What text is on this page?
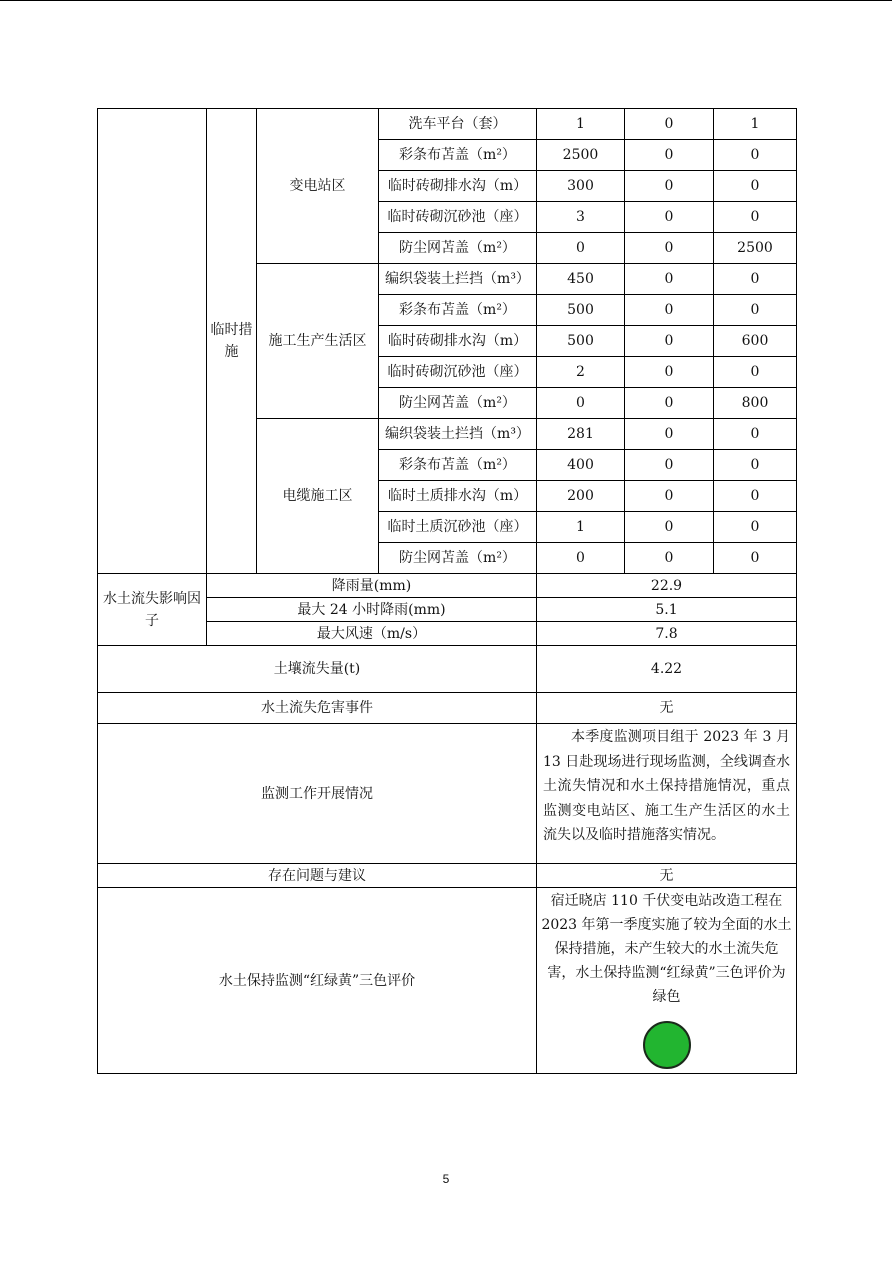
	临时措施	变电站区	洗车平台（套）	1	0	1
			彩条布苫盖（m²）	2500	0	0
			临时砖砌排水沟（m）	300	0	0
			临时砖砌沉砂池（座）	3	0	0
			防尘网苫盖（m²）	0	0	2500
		施工生产生活区	编织袋装土拦挡（m³）	450	0	0
			彩条布苫盖（m²）	500	0	0
			临时砖砌排水沟（m）	500	0	600
			临时砖砌沉砂池（座）	2	0	0
			防尘网苫盖（m²）	0	0	800
		电缆施工区	编织袋装土拦挡（m³）	281	0	0
			彩条布苫盖（m²）	400	0	0
			临时土质排水沟（m）	200	0	0
			临时土质沉砂池（座）	1	0	0
			防尘网苫盖（m²）	0	0	0
水土流失影响因子	降雨量(mm)			22.9		
	最大 24 小时降雨(mm)			5.1		
	最大风速（m/s）			7.8		
土壤流失量(t)				4.22		
水土流失危害事件				无		
监测工作开展情况				本季度监测项目组于 2023 年 3 月 13 日赴现场进行现场监测，全线调查水土流失情况和水土保持措施情况，重点监测变电站区、施工生产生活区的水土流失以及临时措施落实情况。		
存在问题与建议				无		
水土保持监测“红绿黄”三色评价				宿迁晓店 110 千伏变电站改造工程在 2023 年第一季度实施了较为全面的水土保持措施，未产生较大的水土流失危害，水土保持监测“红绿黄”三色评价为绿色		
5
